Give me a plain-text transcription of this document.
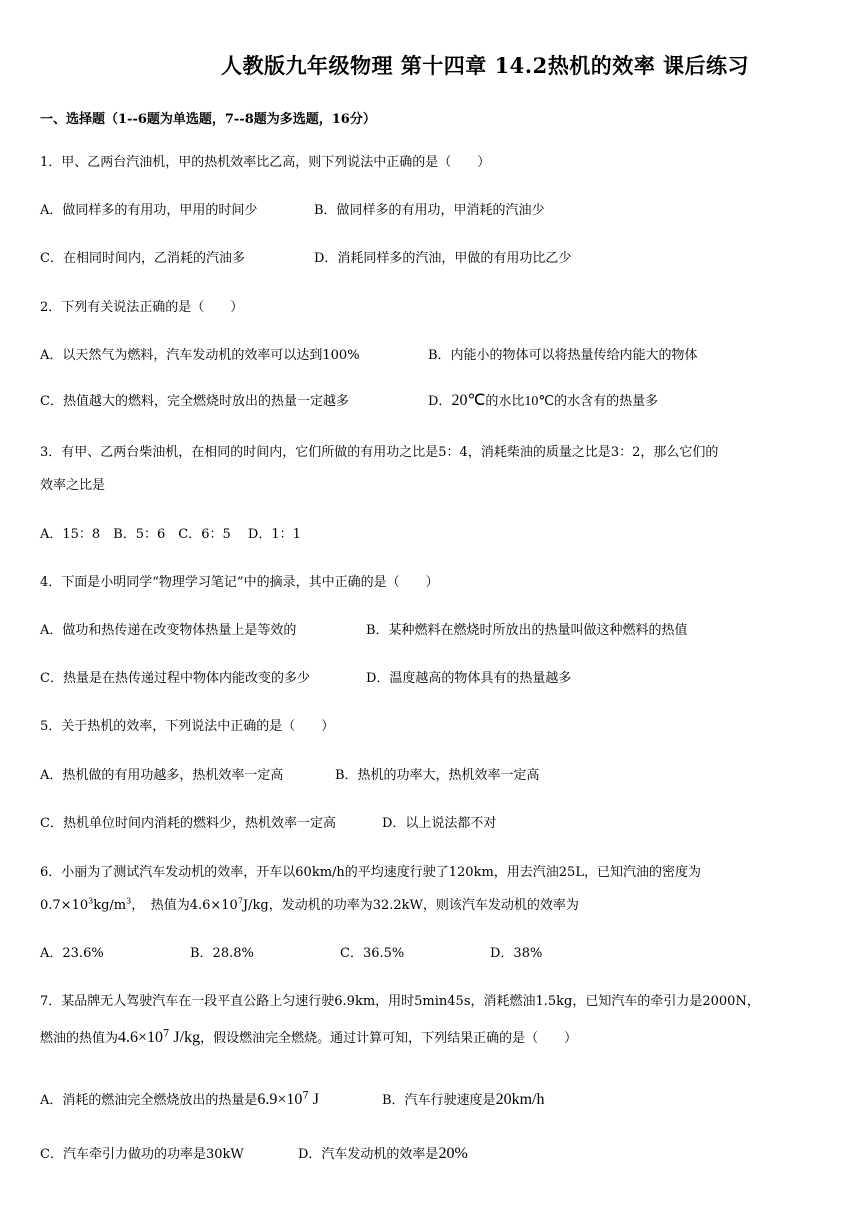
人教版九年级物理 第十四章 14.2热机的效率 课后练习
一、选择题（1--6题为单选题，7--8题为多选题，16分）
1．甲、乙两台汽油机，甲的热机效率比乙高，则下列说法中正确的是（　　）
A．做同样多的有用功，甲用的时间少	B．做同样多的有用功，甲消耗的汽油少
C．在相同时间内，乙消耗的汽油多	D．消耗同样多的汽油，甲做的有用功比乙少
2．下列有关说法正确的是（　　）
A．以天然气为燃料，汽车发动机的效率可以达到100%	B．内能小的物体可以将热量传给内能大的物体
C．热值越大的燃料，完全燃烧时放出的热量一定越多	D．20℃的水比10℃的水含有的热量多
3．有甲、乙两台柴油机，在相同的时间内，它们所做的有用功之比是5：4，消耗柴油的质量之比是3：2，那么它们的
效率之比是
A．15：8　B．5：6　C．6：5　 D．1：1
4．下面是小明同学“物理学习笔记”中的摘录，其中正确的是（　　）
A．做功和热传递在改变物体热量上是等效的	B．某种燃料在燃烧时所放出的热量叫做这种燃料的热值
C．热量是在热传递过程中物体内能改变的多少	D．温度越高的物体具有的热量越多
5．关于热机的效率，下列说法中正确的是（　　）
A．热机做的有用功越多，热机效率一定高	B．热机的功率大，热机效率一定高
C．热机单位时间内消耗的燃料少，热机效率一定高	D．以上说法都不对
6．小丽为了测试汽车发动机的效率，开车以60km/h的平均速度行驶了120km，用去汽油25L，已知汽油的密度为
$0.7\times 10^3kg/m^3$，　热值为$4.6\times 10^7J/kg$，发动机的功率为32.2kW，则该汽车发动机的效率为
A．23.6%	B．28.8%	C．36.5%	D．38%
7．某品牌无人驾驶汽车在一段平直公路上匀速行驶6.9km，用时5min45s，消耗燃油1.5kg，已知汽车的牵引力是2000N，
燃油的热值为$4.6\times 10^7$ J/kg，假设燃油完全燃烧。通过计算可知，下列结果正确的是（　　）
A．消耗的燃油完全燃烧放出的热量是$6.9\times 10^7$ J	B．汽车行驶速度是20km/h
C．汽车牵引力做功的功率是30kW	D．汽车发动机的效率是20%
